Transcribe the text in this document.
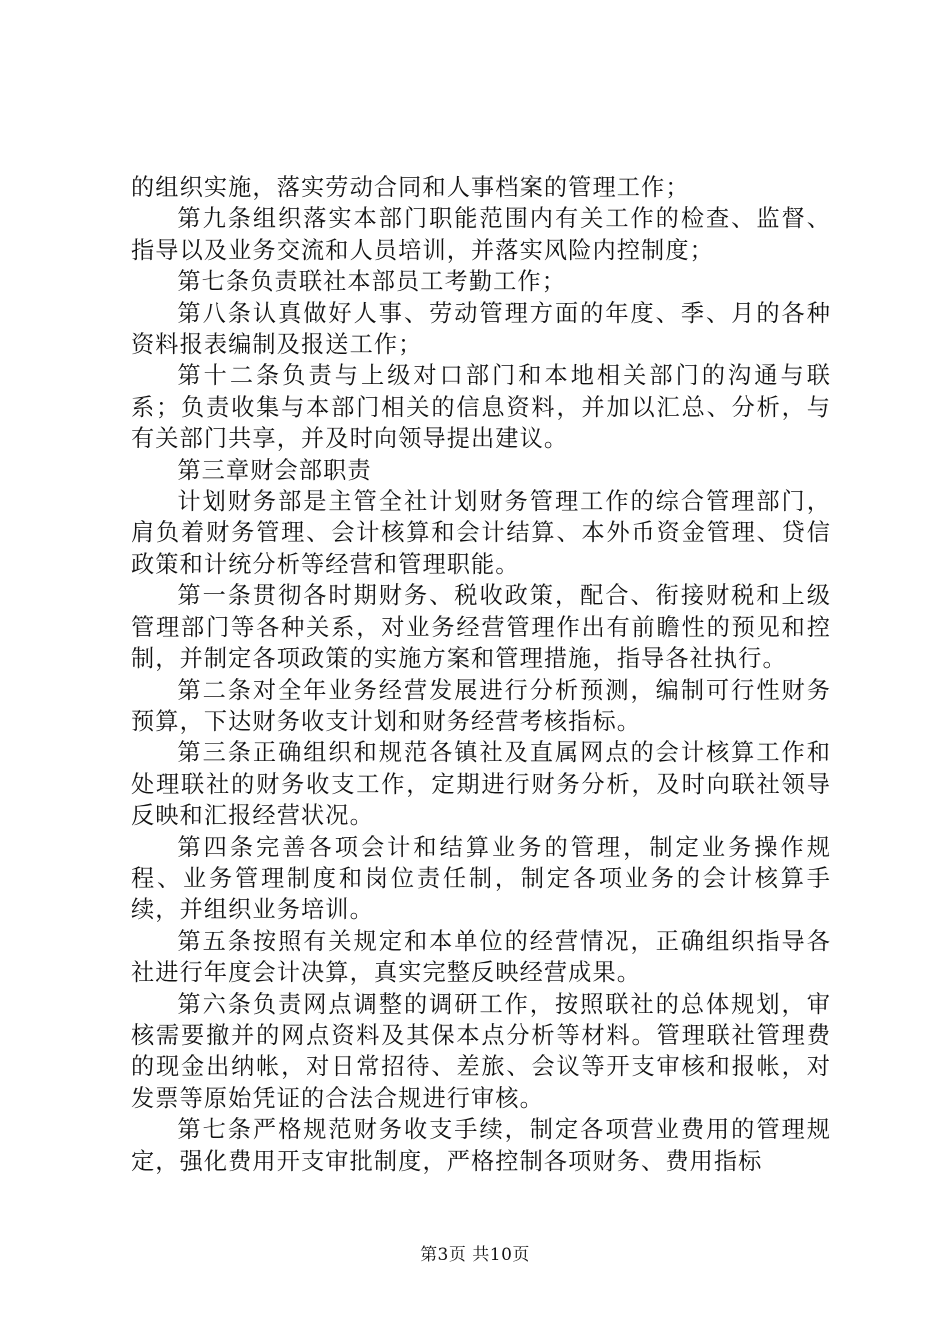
的组织实施，落实劳动合同和人事档案的管理工作；

第九条组织落实本部门职能范围内有关工作的检查、监督、指导以及业务交流和人员培训，并落实风险内控制度；

第七条负责联社本部员工考勤工作；

第八条认真做好人事、劳动管理方面的年度、季、月的各种资料报表编制及报送工作；

第十二条负责与上级对口部门和本地相关部门的沟通与联系；负责收集与本部门相关的信息资料，并加以汇总、分析，与有关部门共享，并及时向领导提出建议。

第三章财会部职责

计划财务部是主管全社计划财务管理工作的综合管理部门，肩负着财务管理、会计核算和会计结算、本外币资金管理、贷信政策和计统分析等经营和管理职能。

第一条贯彻各时期财务、税收政策，配合、衔接财税和上级管理部门等各种关系，对业务经营管理作出有前瞻性的预见和控制，并制定各项政策的实施方案和管理措施，指导各社执行。

第二条对全年业务经营发展进行分析预测，编制可行性财务预算，下达财务收支计划和财务经营考核指标。

第三条正确组织和规范各镇社及直属网点的会计核算工作和处理联社的财务收支工作，定期进行财务分析，及时向联社领导反映和汇报经营状况。

第四条完善各项会计和结算业务的管理，制定业务操作规程、业务管理制度和岗位责任制，制定各项业务的会计核算手续，并组织业务培训。

第五条按照有关规定和本单位的经营情况，正确组织指导各社进行年度会计决算，真实完整反映经营成果。

第六条负责网点调整的调研工作，按照联社的总体规划，审核需要撤并的网点资料及其保本点分析等材料。管理联社管理费的现金出纳帐，对日常招待、差旅、会议等开支审核和报帐，对发票等原始凭证的合法合规进行审核。

第七条严格规范财务收支手续，制定各项营业费用的管理规定，强化费用开支审批制度，严格控制各项财务、费用指标

第3页 共10页
